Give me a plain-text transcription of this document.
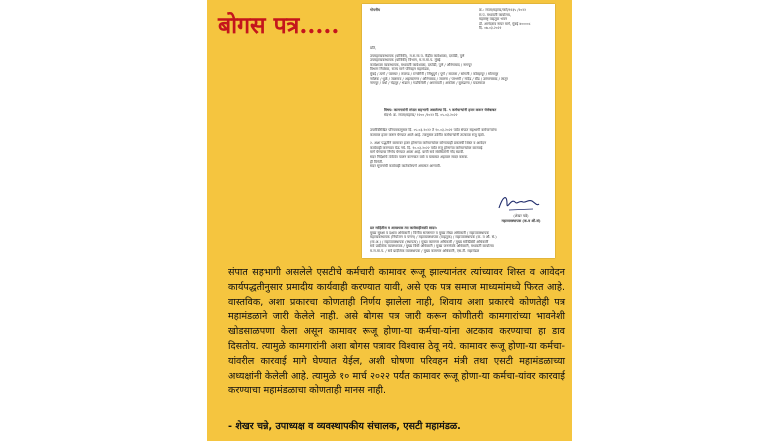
बोगस पत्र.....
गोपनीय	क्र.: रापम/महाव्य/कर्म/१२३५ /२०२२
रा.प. मध्यवर्ती कार्यालय,
महाराष्ट्र वाहतूक भवन
डॉ. आनंदराव नायर मार्ग, मुंबई ४००००८
दि. ०७.०३.२०२२
प्रति,
उपमहाव्यवस्थापक (यांत्रिकी), म.रा.मा.प. केंद्रीय कार्यशाळा, दापोडी, पुणे
उपमहाव्यवस्थापक (यांत्रिकी) विभाग, म.रा.मा.प. मुंबई
कार्यशाळा व्यवस्थापक, मध्यवर्ती कार्यशाळा, दापोडी, पुणे / औरंगाबाद / नागपूर
विभाग नियंत्रक, राज्य मार्ग परिवहन महामंडळ,
मुंबई / ठाणे / पालघर / रायगड / रत्नागिरी / सिंधुदुर्ग / पुणे / सातारा / सांगली / कोल्हापूर / सोलापूर
नाशिक / धुळे / जळगाव / अहमदनगर / औरंगाबाद / जालना / परभणी / नांदेड / बीड / उस्मानाबाद / लातूर
नागपूर / वर्धा / चंद्रपूर / भंडारा / गडचिरोली / अमरावती / अकोला / बुलढाणा / यवतमाळ
विषय: कामगारांनी संपात सहभागी असलेल्या दि. ९ कर्मचाऱ्यांनी हजर करून घेणेबाबत
संदर्भ: क्र. रापम/महाव्य/ १२०० /२०२२ दि. ०५.०३.२०२२
उपरोक्तिखित परिपत्रकानुसार दि. ०५.०३.२०२२ ते १०.०३.२०२२ पर्यंत संपात सहभागी कर्मचाऱ्यांना
कामावर हजर करून घेण्यात आले आहे. त्यानुसार उर्वरीत कर्मचाऱ्यांनी तात्काळ रुजू व्हावे.
२. अशा पद्धतीने कामावर हजर होणाऱ्या कर्मचाऱ्यांवर कोणत्याही प्रकारची शिस्त व आवेदन
कार्यवाही करण्यात येऊ नये. दि. १०.०३.२०२२ पर्यंत रुजू होणाऱ्या कर्मचाऱ्यांवर कारवाई
मागे घेण्याचा निर्णय घेण्यात आला आहे. याची सर्व संबंधितांनी नोंद घ्यावी.
सदर निर्देशांचे तंतोतंत पालन करण्यात यावे व याबाबत अहवाल सादर करावा.
ही विनंती.
सदर सूचनांची कार्यवाही काटेकोरपणे अमलात आणावी.
(शेखर चन्ने)
महाव्यवस्थापक (क.व औ.सं)
प्रत माहितीस व आवश्यक त्या कार्यवाहीसाठी सादर:
मुख्य सुरक्षा व दक्षता अधिकारी / वित्तीय सल्लागार व मुख्य लेखा अधिकारी / महाव्यवस्थापक
महाव्यवस्थापक (नियोजन व पणन) / महाव्यवस्थापक (वाहतूक) / महाव्यवस्थापक (क. व औ. सं.)
(मा.अ.) / महाव्यवस्थापक (स्थापत्य) / मुख्य कामगार अधिकारी / मुख्य सांख्यिकी अधिकारी
सर्व प्रादेशिक व्यवस्थापक / मुख्य विधी अधिकारी / मुख्य जनसंपर्क अधिकारी, मध्यवर्ती कार्यालय
म.रा.मा.प. / सर्व प्रादेशिक व्यवस्थापक / मुख्य कामगार अधिकारी, एस.टी. महामंडळ
संपात सहभागी असलेले एसटीचे कर्मचारी कामावर रूजू झाल्यानंतर त्यांच्यावर शिस्त व आवेदन कार्यपद्धतीनुसार प्रमादीय कार्यवाही करण्यात यावी, असे एक पत्र समाज माध्यमांमध्ये फिरत आहे. वास्तविक, अशा प्रकारचा कोणताही निर्णय झालेला नाही, शिवाय अशा प्रकारचे कोणतेही पत्र महामंडळाने जारी केलेले नाही. असे बोगस पत्र जारी करून कोणीतरी कामगारांच्या भावनेशी खोडसाळपणा केला असून कामावर रूजू होणा-या कर्मचा-यांना अटकाव करण्याचा हा डाव दिसतोय. त्यामुळे कामगारांनी अशा बोगस पत्रावर विश्वास ठेवू नये. कामावर रूजू होणा-या कर्मचा-यांवरील कारवाई मागे घेण्यात येईल, अशी घोषणा परिवहन मंत्री तथा एसटी महामंडळाच्या अध्यक्षांनी केलेली आहे. त्यामुळे १० मार्च २०२२ पर्यंत कामावर रूजू होणा-या कर्मचा-यांवर कारवाई करण्याचा महामंडळाचा कोणताही मानस नाही.
- शेखर चन्ने, उपाध्यक्ष व व्यवस्थापकीय संचालक, एसटी महामंडळ.
